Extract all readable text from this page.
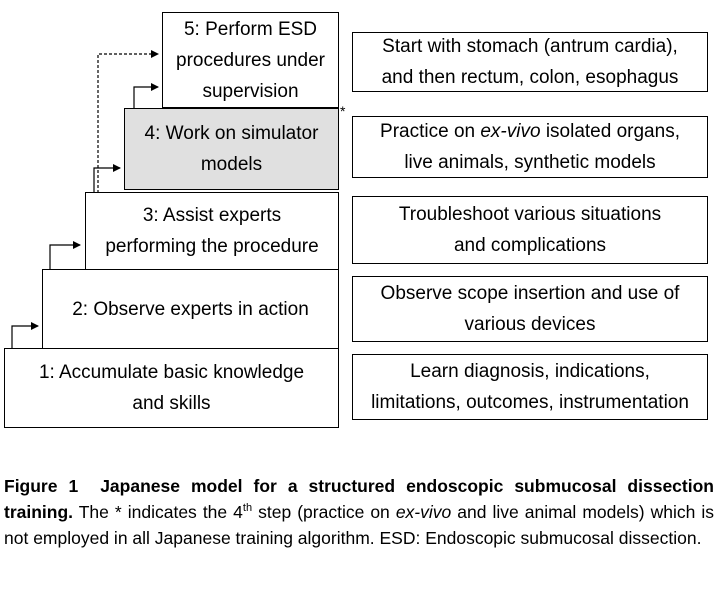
1: Accumulate basic knowledge
and skills
2: Observe experts in action
3: Assist experts
performing the procedure
4: Work on simulator
models
5: Perform ESD
procedures under
supervision
*
Start with stomach (antrum cardia),
and then rectum, colon, esophagus
Practice on ex-vivo isolated organs,
live animals, synthetic models
Troubleshoot various situations
and complications
Observe scope insertion and use of
various devices
Learn diagnosis, indications,
limitations, outcomes, instrumentation
Figure 1 Japanese model for a structured endoscopic submucosal dissection training. The * indicates the 4th step (practice on ex-vivo and live animal models) which is not employed in all Japanese training algorithm. ESD: Endoscopic submucosal dissection.
